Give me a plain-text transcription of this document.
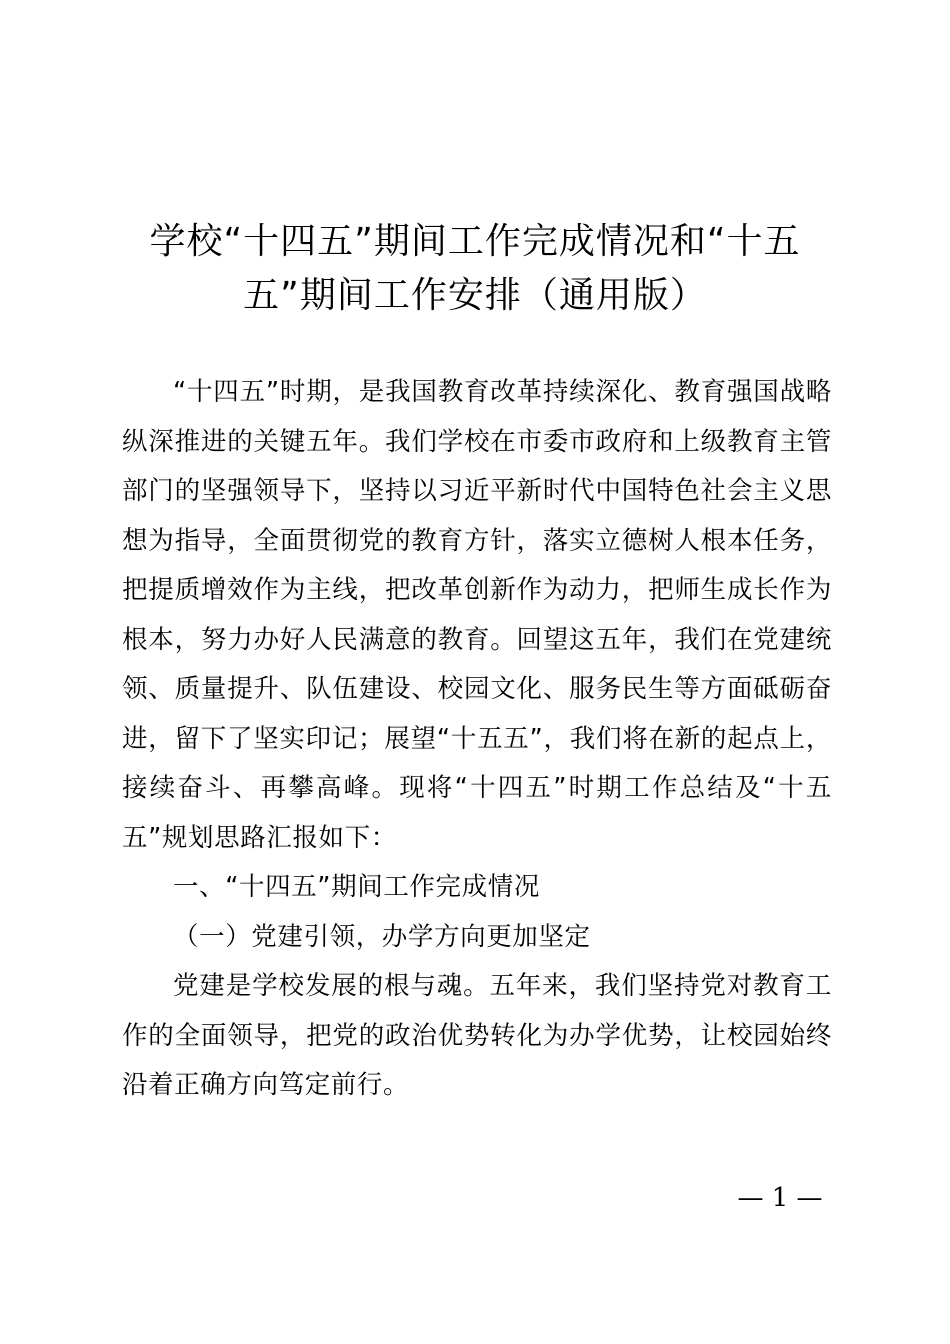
学校“十四五”期间工作完成情况和“十五
五”期间工作安排（通用版）

“十四五”时期，是我国教育改革持续深化、教育强国战略纵深推进的关键五年。我们学校在市委市政府和上级教育主管部门的坚强领导下，坚持以习近平新时代中国特色社会主义思想为指导，全面贯彻党的教育方针，落实立德树人根本任务，把提质增效作为主线，把改革创新作为动力，把师生成长作为根本，努力办好人民满意的教育。回望这五年，我们在党建统领、质量提升、队伍建设、校园文化、服务民生等方面砥砺奋进，留下了坚实印记；展望“十五五”，我们将在新的起点上，接续奋斗、再攀高峰。现将“十四五”时期工作总结及“十五五”规划思路汇报如下：

一、“十四五”期间工作完成情况

（一）党建引领，办学方向更加坚定

党建是学校发展的根与魂。五年来，我们坚持党对教育工作的全面领导，把党的政治优势转化为办学优势，让校园始终沿着正确方向笃定前行。

— 1 —
